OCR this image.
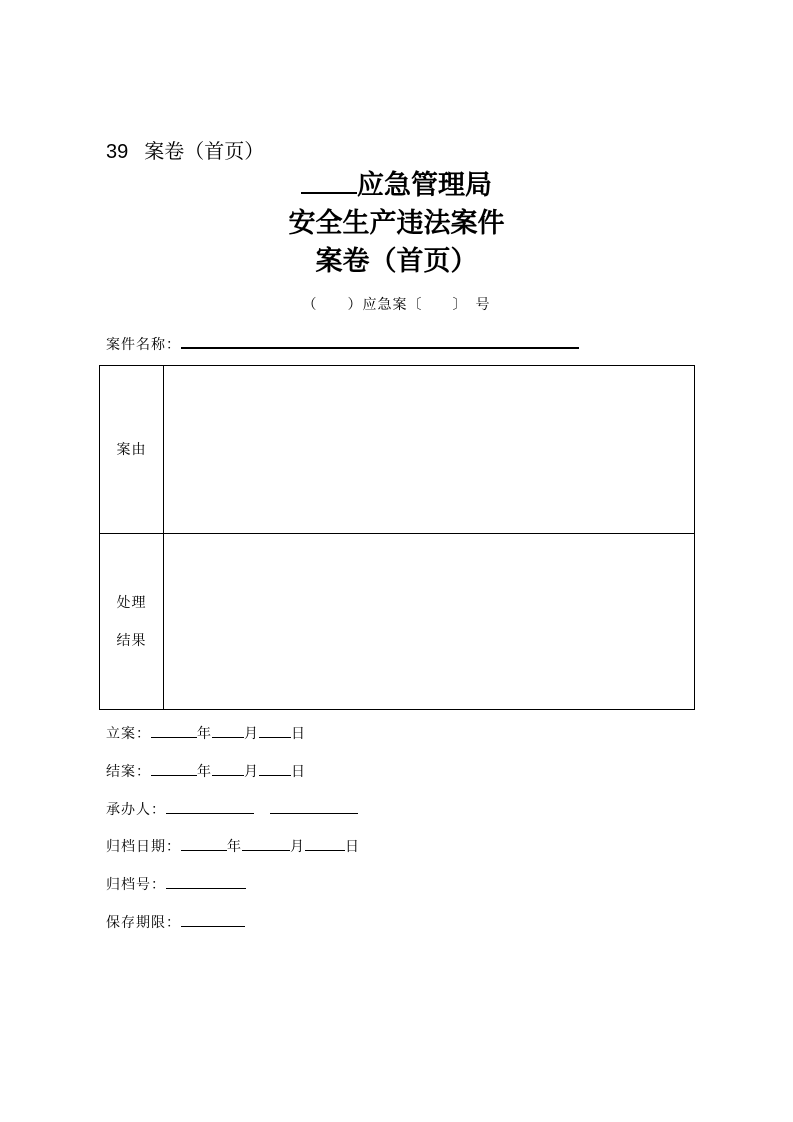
39 案卷（首页）
应急管理局
安全生产违法案件
案卷（首页）
（　　）应急案〔　　〕　号
案件名称：
案由	

处理
结果	

立案：	年 月 日
结案：	年 月 日
承办人：
归档日期：	年	月	日
归档号：
保存期限：
